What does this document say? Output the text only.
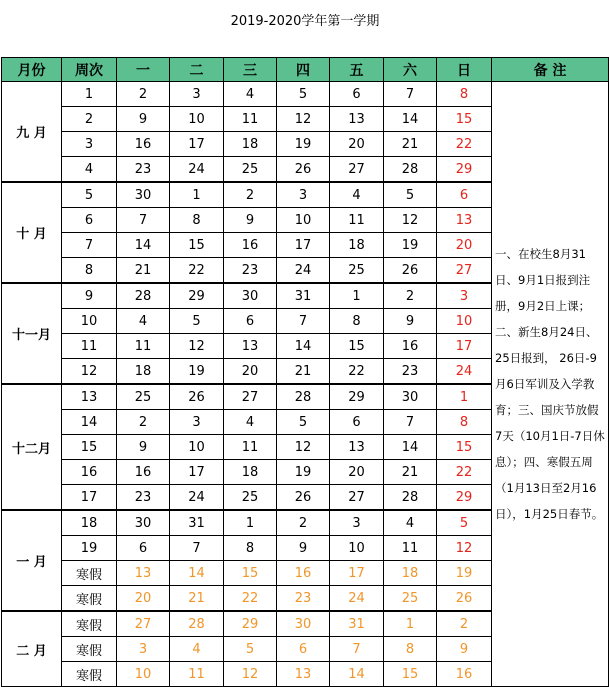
2019-2020学年第一学期
月份	周次	一	二	三	四	五	六	日	备 注
九 月	1	2	3	4	5	6	7	8	一、在校生8月31日、9月1日报到注册，9月2日上课；二、新生8月24日、25日报到， 26日-9月6日军训及入学教育；三、国庆节放假7天（10月1日-7日休息）；四、寒假五周（1月13日至2月16日），1月25日春节。
	2	9	10	11	12	13	14	15	
	3	16	17	18	19	20	21	22	
	4	23	24	25	26	27	28	29	
十 月	5	30	1	2	3	4	5	6	
	6	7	8	9	10	11	12	13	
	7	14	15	16	17	18	19	20	
	8	21	22	23	24	25	26	27	
十一月	9	28	29	30	31	1	2	3	
	10	4	5	6	7	8	9	10	
	11	11	12	13	14	15	16	17	
	12	18	19	20	21	22	23	24	
十二月	13	25	26	27	28	29	30	1	
	14	2	3	4	5	6	7	8	
	15	9	10	11	12	13	14	15	
	16	16	17	18	19	20	21	22	
	17	23	24	25	26	27	28	29	
一 月	18	30	31	1	2	3	4	5	
	19	6	7	8	9	10	11	12	
	寒假	13	14	15	16	17	18	19	
	寒假	20	21	22	23	24	25	26	
二 月	寒假	27	28	29	30	31	1	2	
	寒假	3	4	5	6	7	8	9	
	寒假	10	11	12	13	14	15	16	
